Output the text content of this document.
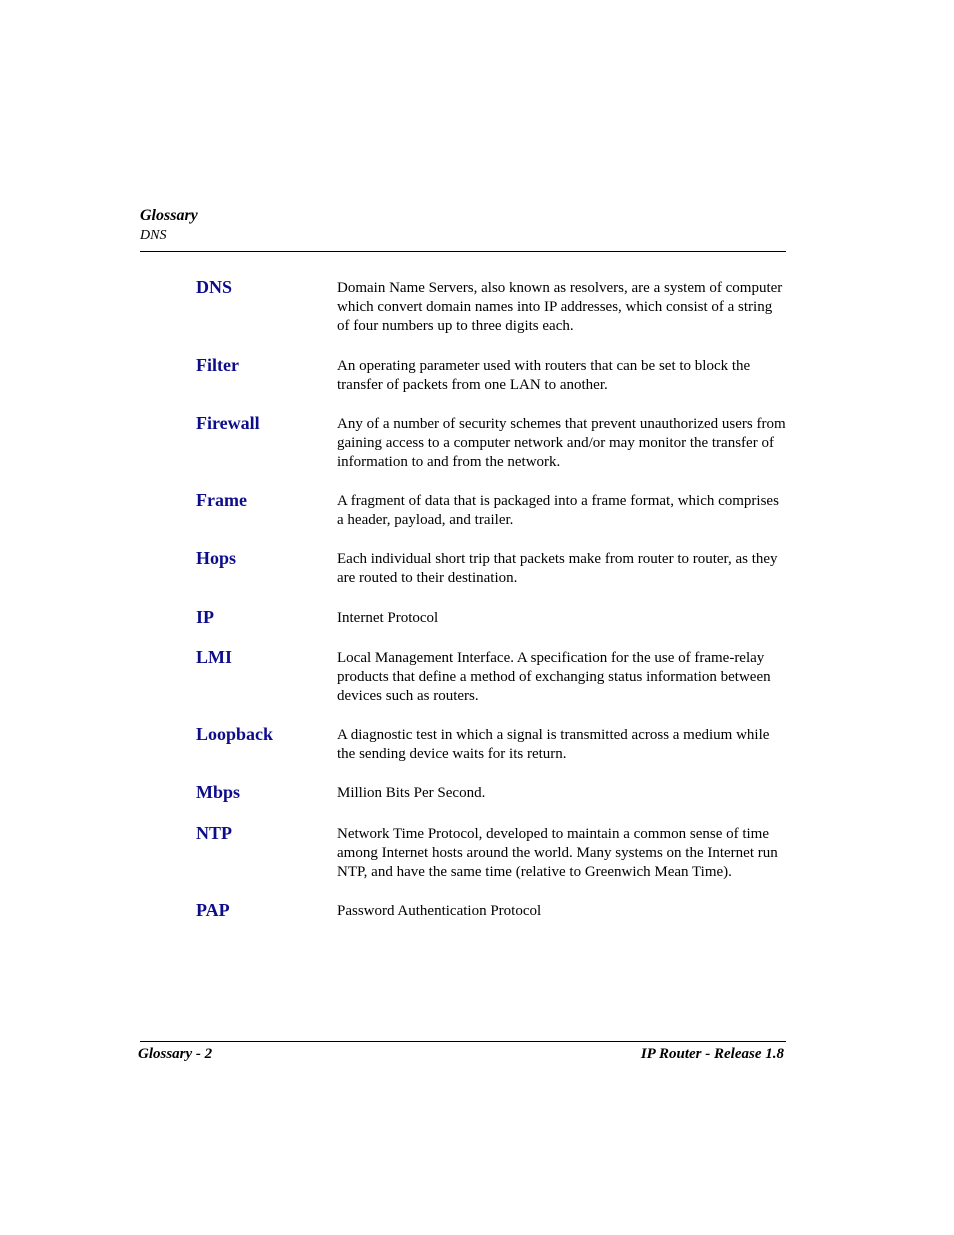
Glossary

DNS

DNS	Domain Name Servers, also known as resolvers, are a system of computer which convert domain names into IP addresses, which consist of a string of four numbers up to three digits each.
Filter	An operating parameter used with routers that can be set to block the transfer of packets from one LAN to another.
Firewall	Any of a number of security schemes that prevent unauthorized users from gaining access to a computer network and/or may monitor the transfer of information to and from the network.
Frame	A fragment of data that is packaged into a frame format, which comprises a header, payload, and trailer.
Hops	Each individual short trip that packets make from router to router, as they are routed to their destination.
IP	Internet Protocol
LMI	Local Management Interface. A specification for the use of frame-relay products that define a method of exchanging status information between devices such as routers.
Loopback	A diagnostic test in which a signal is transmitted across a medium while the sending device waits for its return.
Mbps	Million Bits Per Second.
NTP	Network Time Protocol, developed to maintain a common sense of time among Internet hosts around the world. Many systems on the Internet run NTP, and have the same time (relative to Greenwich Mean Time).
PAP	Password Authentication Protocol
Glossary - 2	IP Router - Release 1.8
